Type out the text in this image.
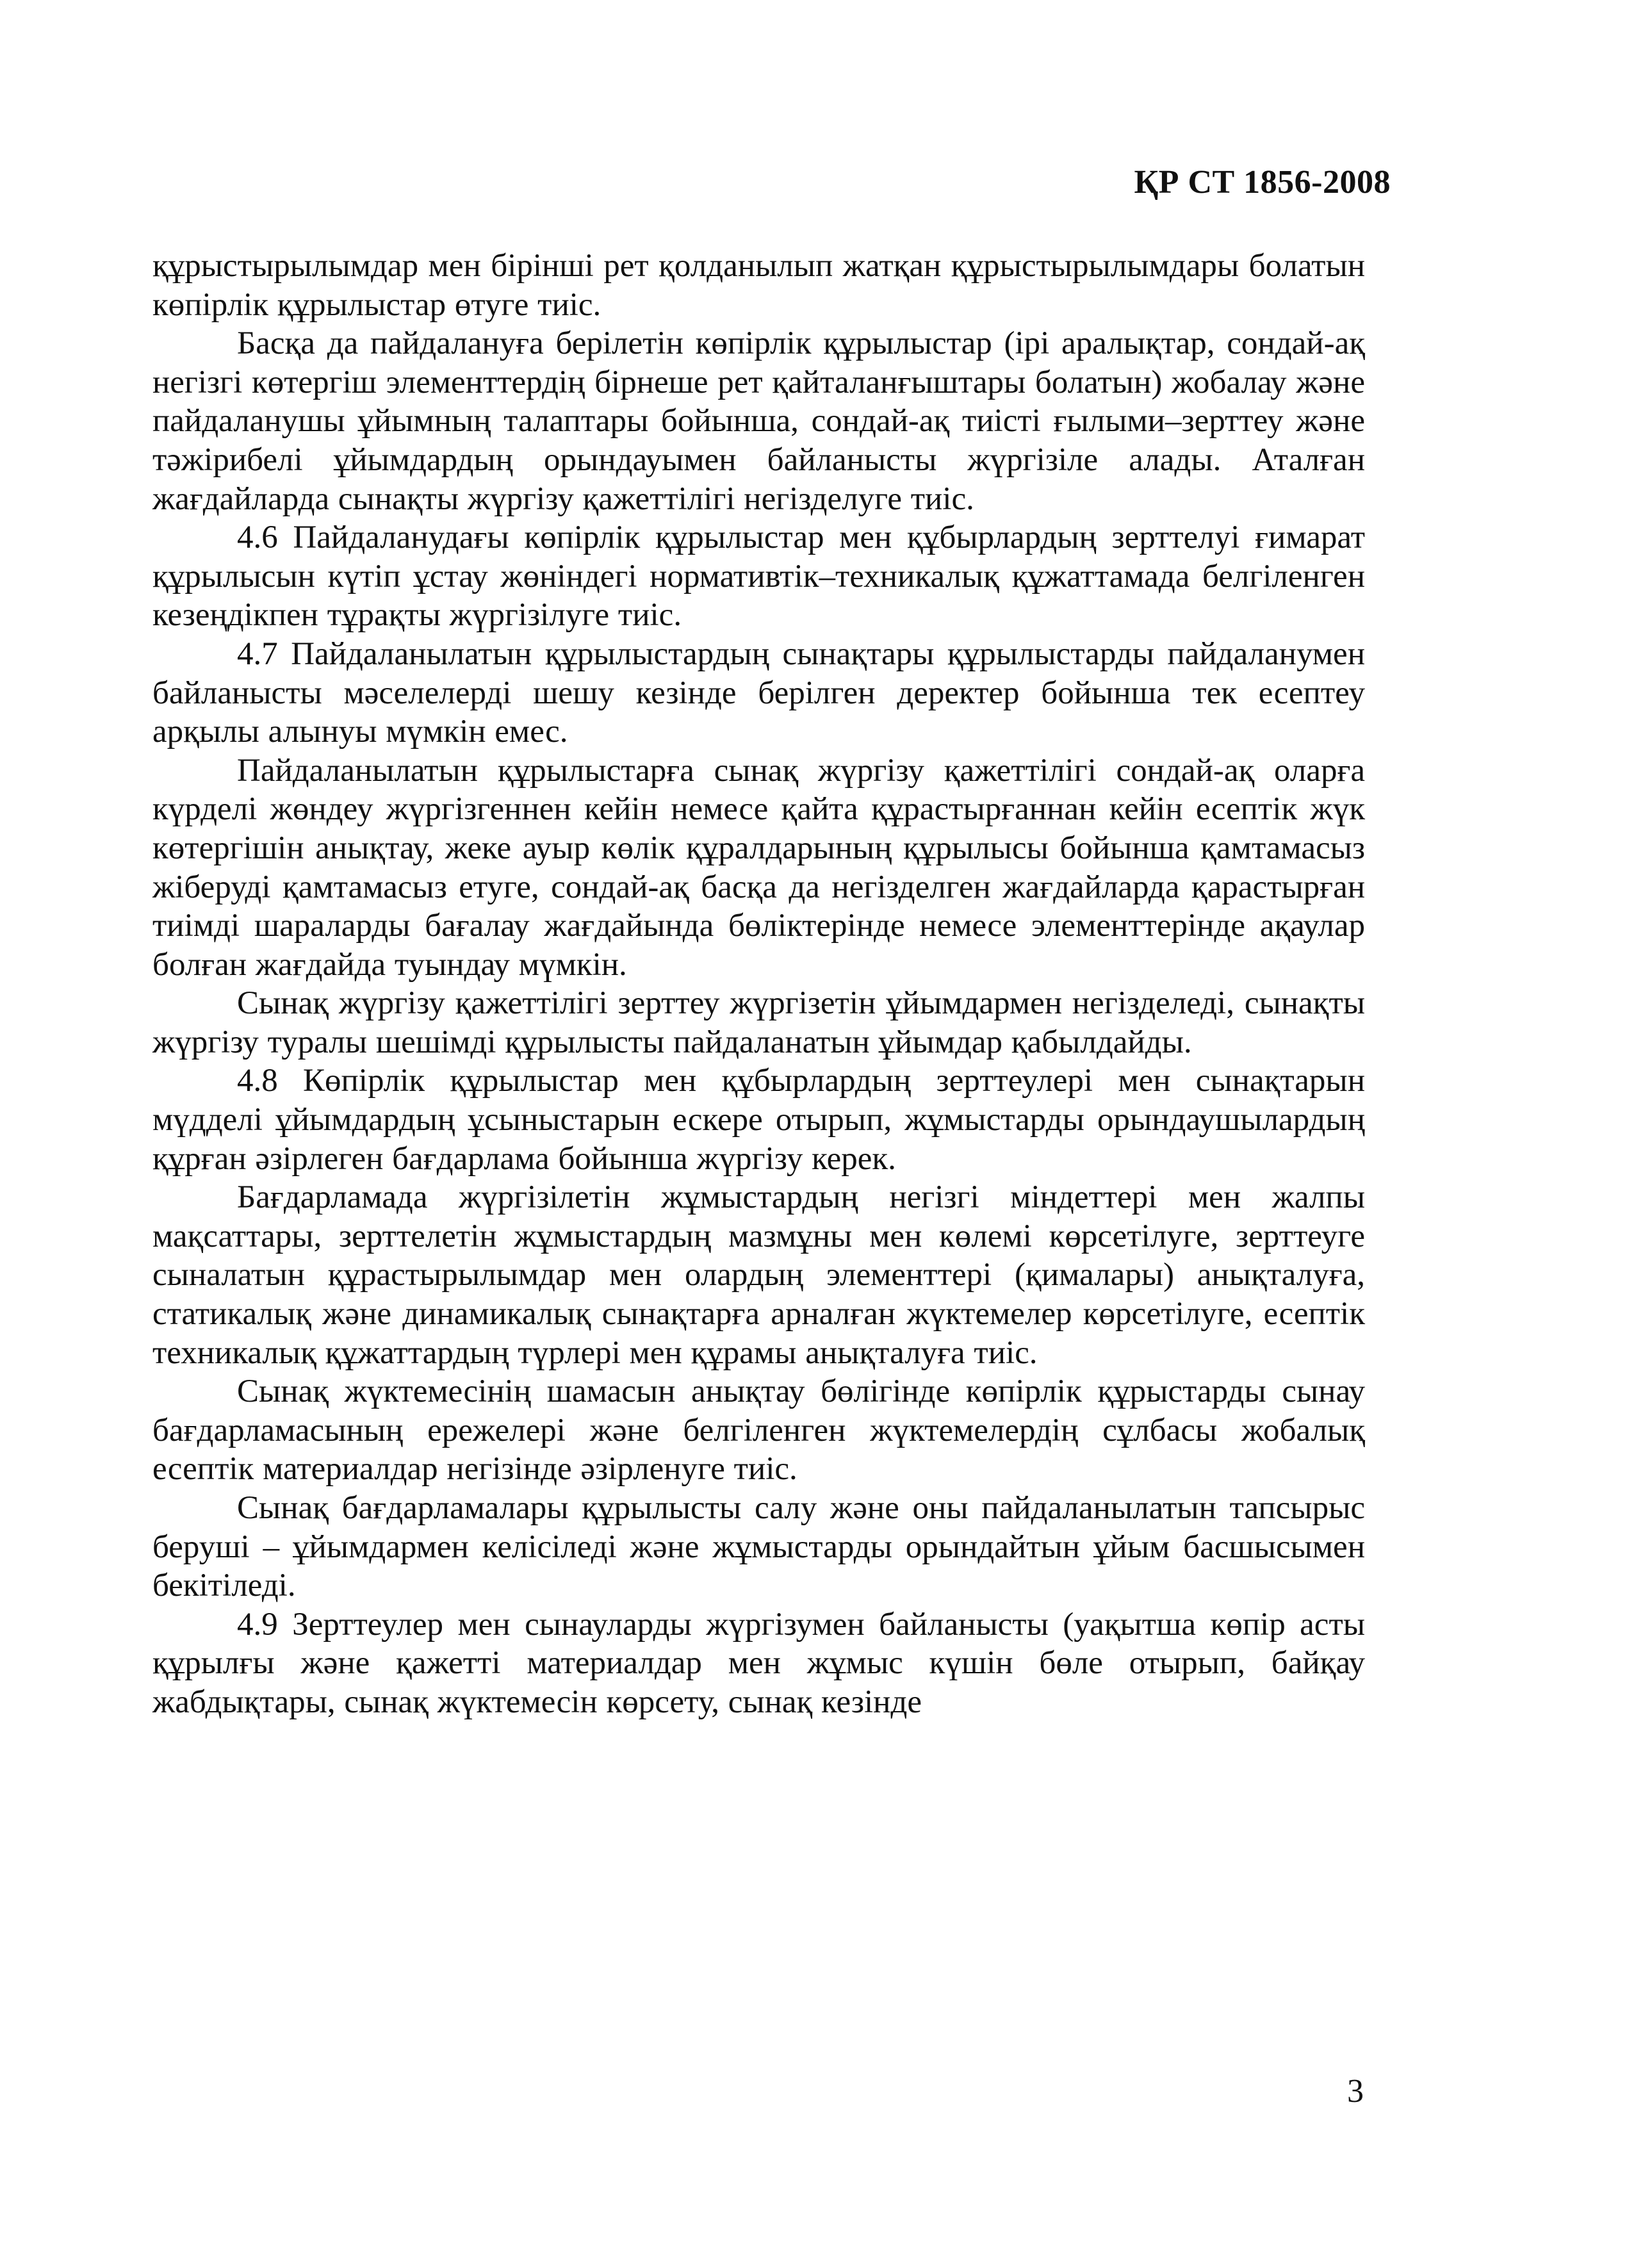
ҚР СТ 1856-2008

құрыстырылымдар мен бірінші рет қолданылып жатқан құрыстырылымдары болатын көпірлік құрылыстар өтуге тиіс.

Басқа да пайдалануға берілетін көпірлік құрылыстар (ірі аралықтар, сондай-ақ негізгі көтергіш элементтердің бірнеше рет қайталанғыштары болатын) жобалау және пайдаланушы ұйымның талаптары бойынша, сондай-ақ тиісті ғылыми–зерттеу және тәжірибелі ұйымдардың орындауымен байланысты жүргізіле алады. Аталған жағдайларда сынақты жүргізу қажеттілігі негізделуге тиіс.

4.6 Пайдаланудағы көпірлік құрылыстар мен құбырлардың зерттелуі ғимарат құрылысын күтіп ұстау жөніндегі нормативтік–техникалық құжаттамада белгіленген кезеңдікпен тұрақты жүргізілуге тиіс.

4.7 Пайдаланылатын құрылыстардың сынақтары құрылыстарды пайдаланумен байланысты мәселелерді шешу кезінде берілген деректер бойынша тек есептеу арқылы алынуы мүмкін емес.

Пайдаланылатын құрылыстарға сынақ жүргізу қажеттілігі сондай-ақ оларға күрделі жөндеу жүргізгеннен кейін немесе қайта құрастырғаннан кейін есептік жүк көтергішін анықтау, жеке ауыр көлік құралдарының құрылысы бойынша қамтамасыз жіберуді қамтамасыз етуге, сондай-ақ басқа да негізделген жағдайларда қарастырған тиімді шараларды бағалау жағдайында бөліктерінде немесе элементтерінде ақаулар болған жағдайда туындау мүмкін.

Сынақ жүргізу қажеттілігі зерттеу жүргізетін ұйымдармен негізделеді, сынақты жүргізу туралы шешімді құрылысты пайдаланатын ұйымдар қабылдайды.

4.8 Көпірлік құрылыстар мен құбырлардың зерттеулері мен сынақтарын мүдделі ұйымдардың ұсыныстарын ескере отырып, жұмыстарды орындаушылардың құрған әзірлеген бағдарлама бойынша жүргізу керек.

Бағдарламада жүргізілетін жұмыстардың негізгі міндеттері мен жалпы мақсаттары, зерттелетін жұмыстардың мазмұны мен көлемі көрсетілуге, зерттеуге сыналатын құрастырылымдар мен олардың элементтері (қималары) анықталуға, статикалық және динамикалық сынақтарға арналған жүктемелер көрсетілуге, есептік техникалық құжаттардың түрлері мен құрамы анықталуға тиіс.

Сынақ жүктемесінің шамасын анықтау бөлігінде көпірлік құрыстарды сынау бағдарламасының ережелері және белгіленген жүктемелердің сұлбасы жобалық есептік материалдар негізінде әзірленуге тиіс.

Сынақ бағдарламалары құрылысты салу және оны пайдаланылатын тапсырыс беруші – ұйымдармен келісіледі және жұмыстарды орындайтын ұйым басшысымен бекітіледі.

4.9 Зерттеулер мен сынауларды жүргізумен байланысты (уақытша көпір асты құрылғы және қажетті материалдар мен жұмыс күшін бөле отырып, байқау жабдықтары, сынақ жүктемесін көрсету, сынақ кезінде

3
